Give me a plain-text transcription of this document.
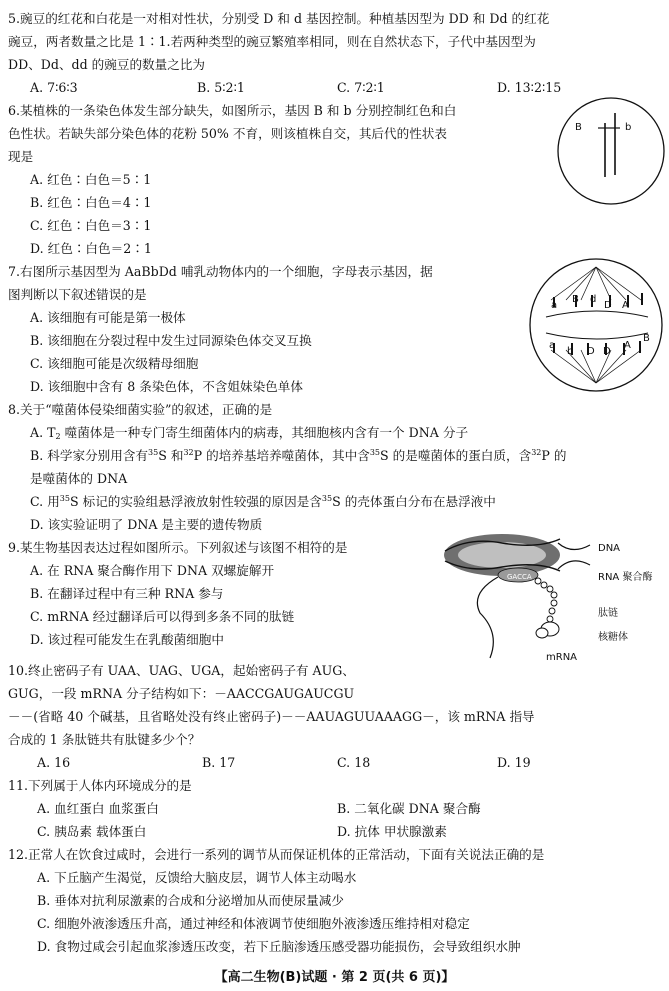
5.豌豆的红花和白花是一对相对性状，分别受 D 和 d 基因控制。种植基因型为 DD 和 Dd 的红花
豌豆，两者数量之比是 1∶1.若两种类型的豌豆繁殖率相同，则在自然状态下，子代中基因型为
DD、Dd、dd 的豌豆的数量之比为
A. 7∶6∶3	B. 5∶2∶1	C. 7∶2∶1	D. 13∶2∶15
6.某植株的一条染色体发生部分缺失，如图所示，基因 B 和 b 分别控制红色和白
色性状。若缺失部分染色体的花粉 50% 不育，则该植株自交，其后代的性状表
现是
A. 红色∶白色＝5∶1
B. 红色∶白色＝4∶1
C. 红色∶白色＝3∶1
D. 红色∶白色＝2∶1
B	b
7.右图所示基因型为 AaBbDd 哺乳动物体内的一个细胞，字母表示基因，据
图判断以下叙述错误的是
A. 该细胞有可能是第一极体
B. 该细胞在分裂过程中发生过同源染色体交叉互换
C. 该细胞可能是次级精母细胞
D. 该细胞中含有 8 条染色体，不含姐妹染色单体
a
B d
D A
a
b D D
A
B
8.关于“噬菌体侵染细菌实验”的叙述，正确的是
A. $T_2$ 噬菌体是一种专门寄生细菌体内的病毒，其细胞核内含有一个 DNA 分子
B. 科学家分别用含有$^{35}$S 和$^{32}$P 的培养基培养噬菌体，其中含$^{35}$S 的是噬菌体的蛋白质，含$^{32}$P 的
是噬菌体的 DNA
C. 用$^{35}$S 标记的实验组悬浮液放射性较强的原因是含$^{35}$S 的壳体蛋白分布在悬浮液中
D. 该实验证明了 DNA 是主要的遗传物质
9.某生物基因表达过程如图所示。下列叙述与该图不相符的是
A. 在 RNA 聚合酶作用下 DNA 双螺旋解开
B. 在翻译过程中有三种 RNA 参与
C. mRNA 经过翻译后可以得到多条不同的肽链
D. 该过程可能发生在乳酸菌细胞中
DNA
RNA 聚合酶
肽链
核糖体
mRNA
GACCA
10.终止密码子有 UAA、UAG、UGA，起始密码子有 AUG、
GUG，一段 mRNA 分子结构如下：－AACCGAUGAUCGU
－－(省略 40 个碱基，且省略处没有终止密码子)－－AAUAGUUAAAGG－，该 mRNA 指导
合成的 1 条肽链共有肽键多少个？
A. 16	B. 17	C. 18	D. 19
11.下列属于人体内环境成分的是
A. 血红蛋白 血浆蛋白	B. 二氧化碳 DNA 聚合酶
C. 胰岛素 载体蛋白	D. 抗体 甲状腺激素
12.正常人在饮食过咸时，会进行一系列的调节从而保证机体的正常活动，下面有关说法正确的是
A. 下丘脑产生渴觉，反馈给大脑皮层，调节人体主动喝水
B. 垂体对抗利尿激素的合成和分泌增加从而使尿量减少
C. 细胞外液渗透压升高，通过神经和体液调节使细胞外液渗透压维持相对稳定
D. 食物过咸会引起血浆渗透压改变，若下丘脑渗透压感受器功能损伤，会导致组织水肿
【高二生物(B)试题 · 第 2 页(共 6 页)】
